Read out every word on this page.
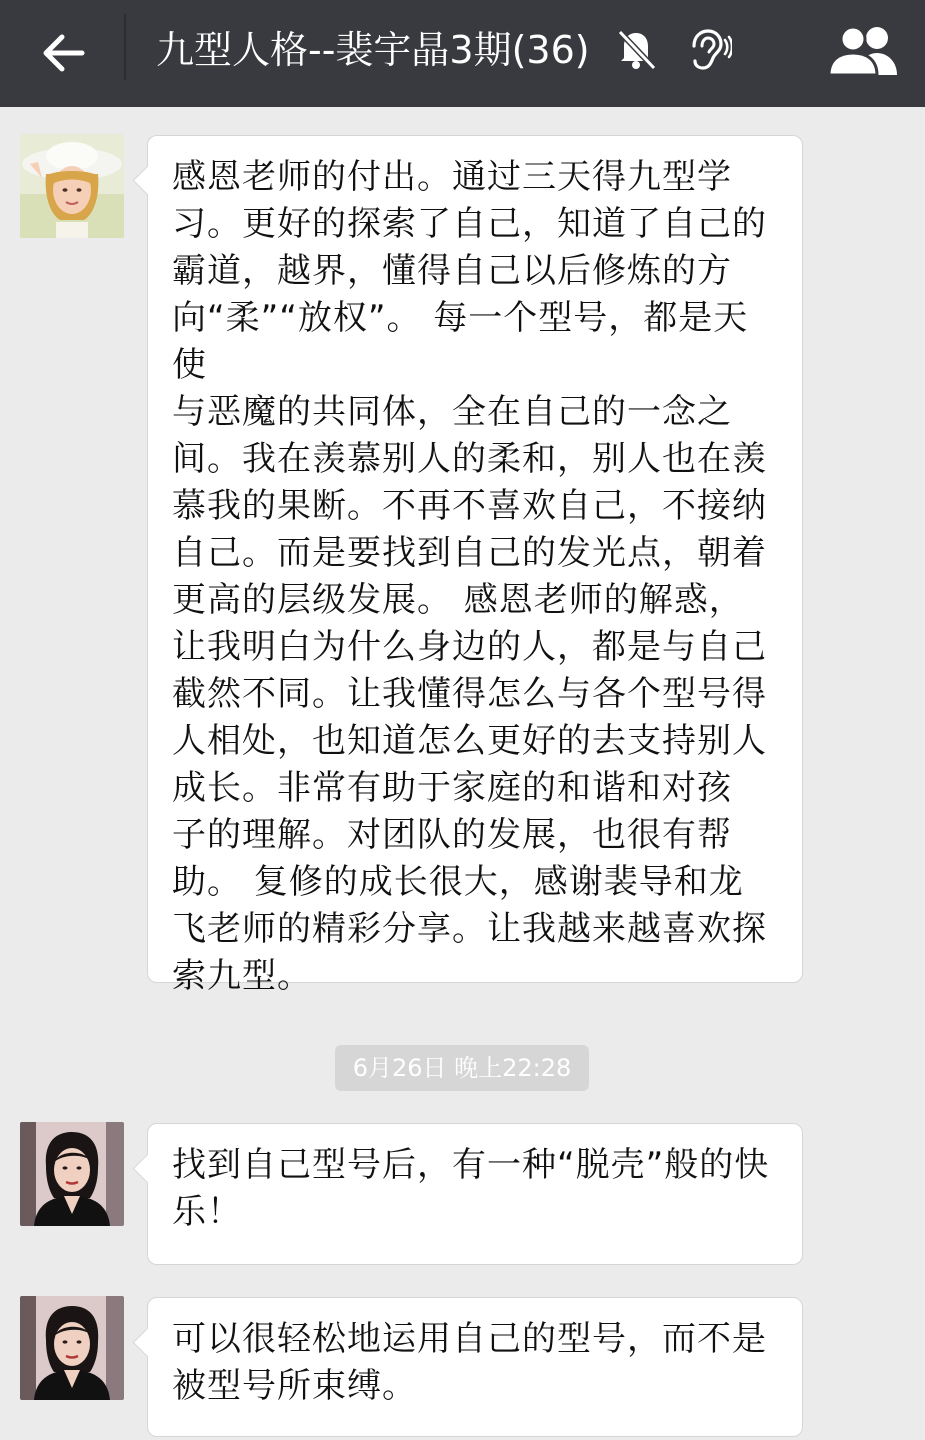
九型人格--裴宇晶3期(36)
感恩老师的付出。通过三天得九型学
习。更好的探索了自己，知道了自己的
霸道，越界，懂得自己以后修炼的方
向“柔”“放权”。 每一个型号，都是天使
与恶魔的共同体，全在自己的一念之
间。我在羡慕别人的柔和，别人也在羡
慕我的果断。不再不喜欢自己，不接纳
自己。而是要找到自己的发光点，朝着
更高的层级发展。 感恩老师的解惑，
让我明白为什么身边的人，都是与自己
截然不同。让我懂得怎么与各个型号得
人相处，也知道怎么更好的去支持别人
成长。非常有助于家庭的和谐和对孩
子的理解。对团队的发展，也很有帮
助。 复修的成长很大，感谢裴导和龙
飞老师的精彩分享。让我越来越喜欢探
索九型。
6月26日 晚上22:28
找到自己型号后，有一种“脱壳”般的快
乐！
可以很轻松地运用自己的型号，而不是
被型号所束缚。
